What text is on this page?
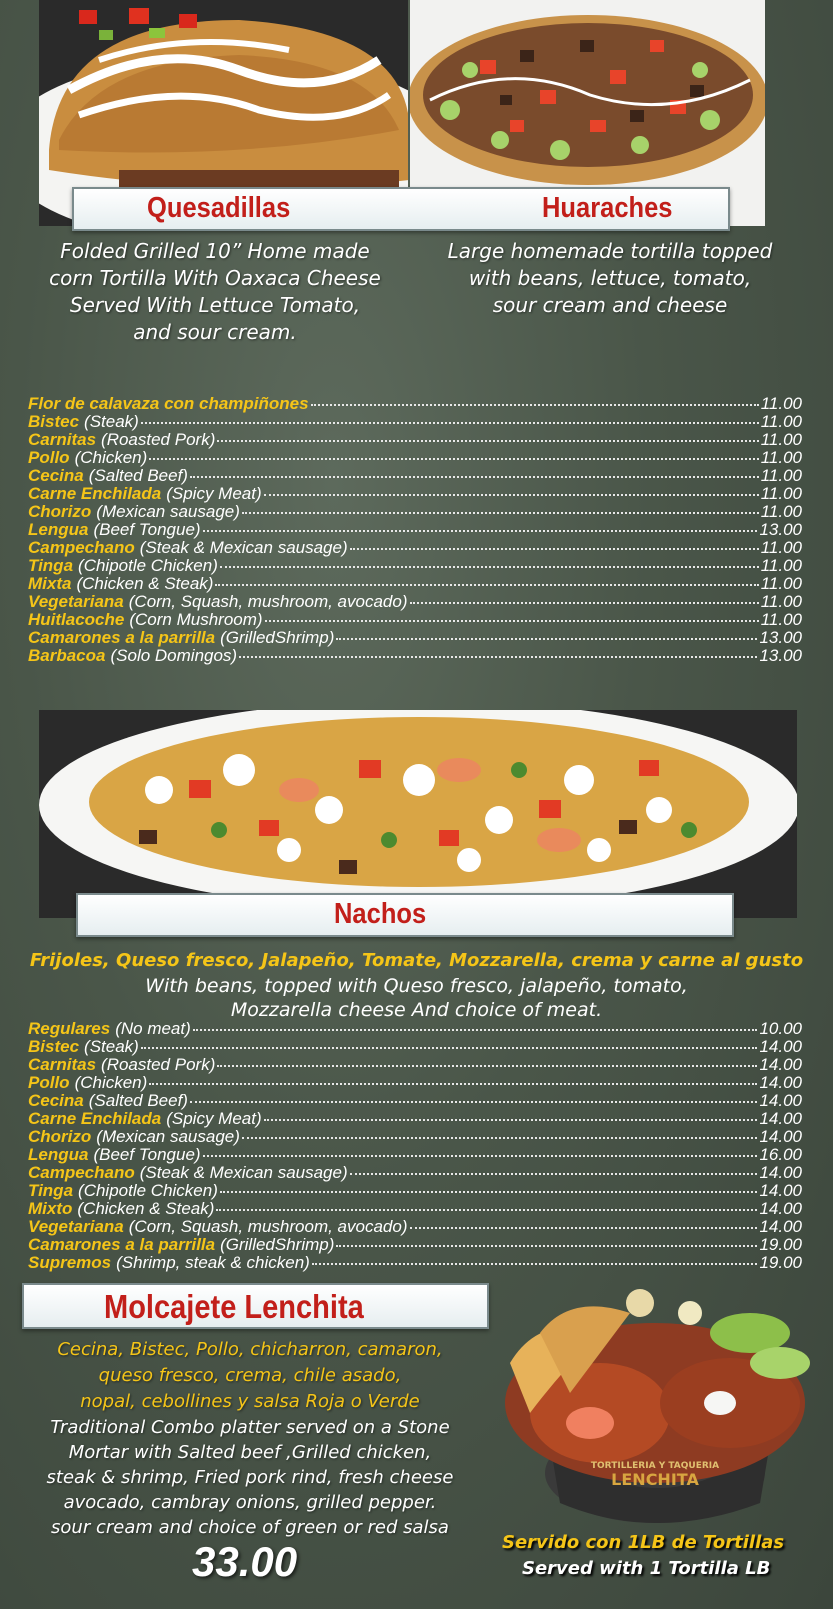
Quesadillas	Huaraches
Folded Grilled 10” Home made
corn Tortilla With Oaxaca Cheese
Served With Lettuce Tomato,
and sour cream.
Large homemade tortilla topped
with beans, lettuce, tomato,
sour cream and cheese
Flor de calavaza con champiñones	11.00
Bistec (Steak)	11.00
Carnitas (Roasted Pork)	11.00
Pollo (Chicken)	11.00
Cecina (Salted Beef)	11.00
Carne Enchilada (Spicy Meat)	11.00
Chorizo (Mexican sausage)	11.00
Lengua (Beef Tongue)	13.00
Campechano (Steak & Mexican sausage)	11.00
Tinga (Chipotle Chicken)	11.00
Mixta (Chicken & Steak)	11.00
Vegetariana (Corn, Squash, mushroom, avocado)	11.00
Huitlacoche (Corn Mushroom)	11.00
Camarones a la parrilla (GrilledShrimp)	13.00
Barbacoa (Solo Domingos)	13.00
Nachos
Frijoles, Queso fresco, Jalapeño, Tomate, Mozzarella, crema y carne al gusto
With beans, topped with Queso fresco, jalapeño, tomato,
Mozzarella cheese And choice of meat.
Regulares (No meat)	10.00
Bistec (Steak)	14.00
Carnitas (Roasted Pork)	14.00
Pollo (Chicken)	14.00
Cecina (Salted Beef)	14.00
Carne Enchilada (Spicy Meat)	14.00
Chorizo (Mexican sausage)	14.00
Lengua (Beef Tongue)	16.00
Campechano (Steak & Mexican sausage)	14.00
Tinga (Chipotle Chicken)	14.00
Mixto (Chicken & Steak)	14.00
Vegetariana (Corn, Squash, mushroom, avocado)	14.00
Camarones a la parrilla (GrilledShrimp)	19.00
Supremos (Shrimp, steak & chicken)	19.00
Molcajete Lenchita
Cecina, Bistec, Pollo, chicharron, camaron,
queso fresco, crema, chile asado,
nopal, cebollines y salsa Roja o Verde
Traditional Combo platter served on a Stone
Mortar with Salted beef ,Grilled chicken,
steak & shrimp, Fried pork rind, fresh cheese
avocado, cambray onions, grilled pepper.
sour cream and choice of green or red salsa
33.00
TORTILLERIA Y TAQUERIA
LENCHITA
Servido con 1LB de Tortillas
Served with 1 Tortilla LB
